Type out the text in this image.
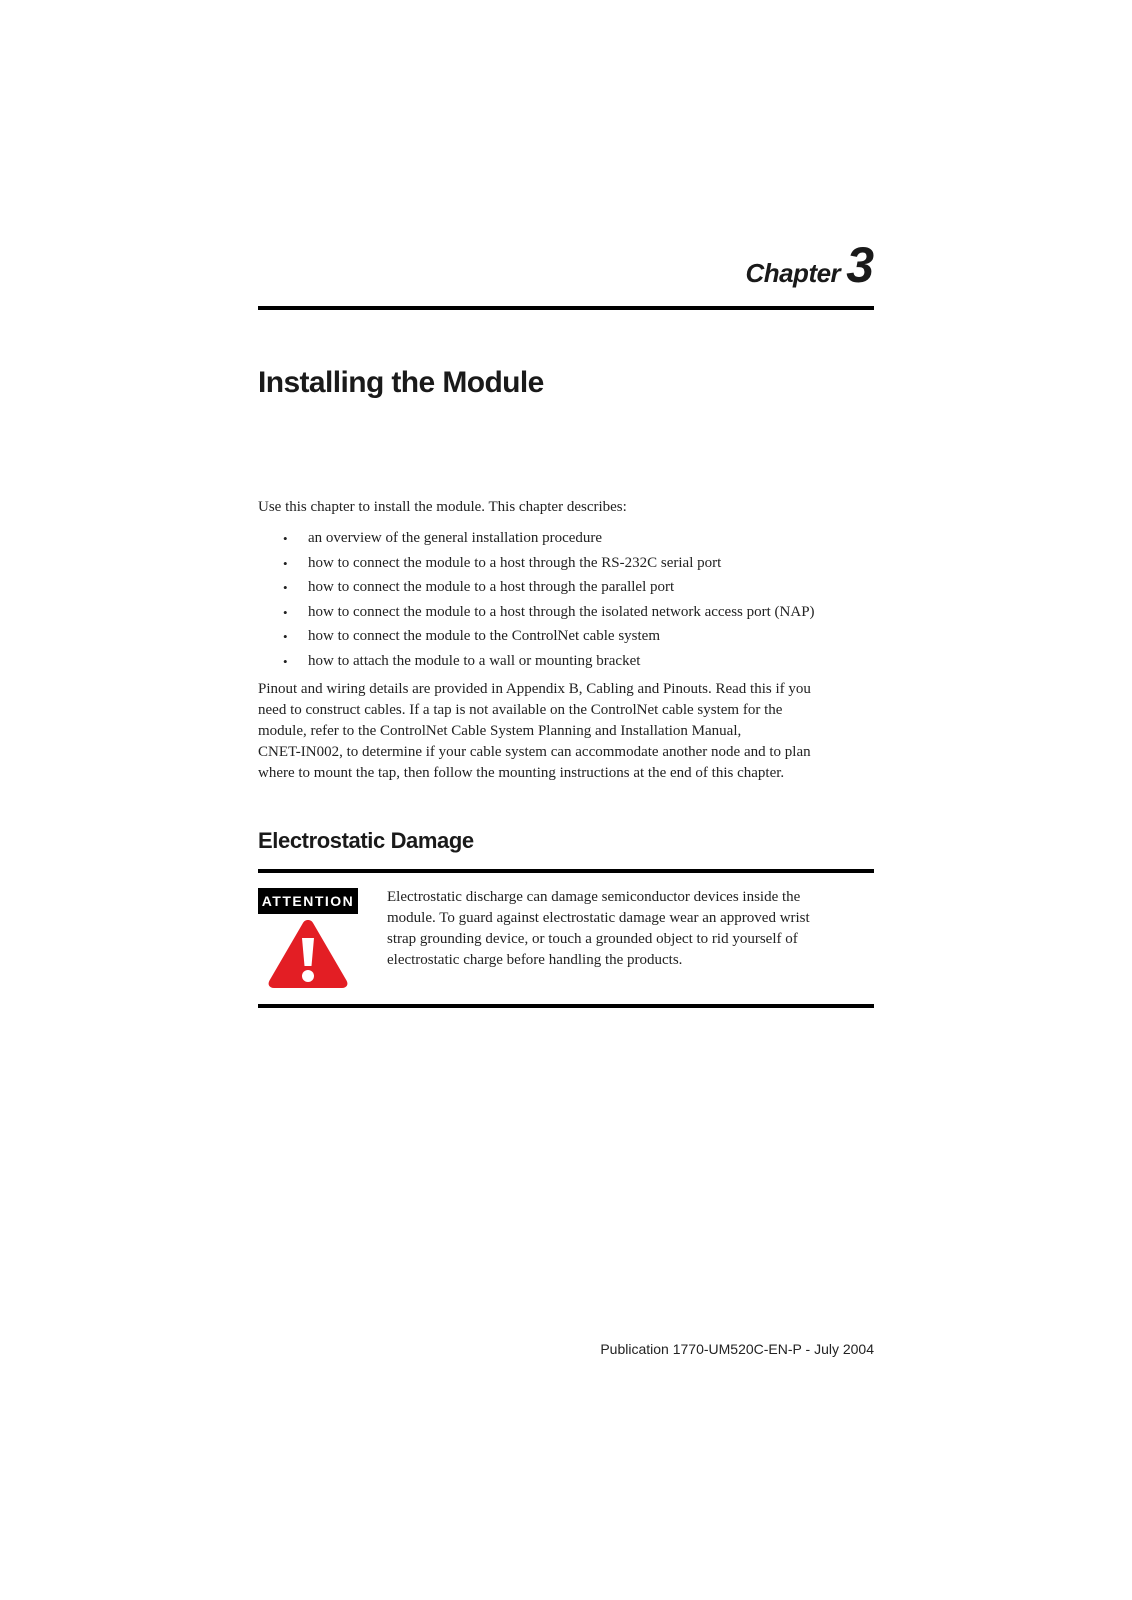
Chapter 3
Installing the Module

Use this chapter to install the module. This chapter describes:

• an overview of the general installation procedure
• how to connect the module to a host through the RS-232C serial port
• how to connect the module to a host through the parallel port
• how to connect the module to a host through the isolated network access port (NAP)
• how to connect the module to the ControlNet cable system
• how to attach the module to a wall or mounting bracket

Pinout and wiring details are provided in Appendix B, Cabling and Pinouts. Read this if you
need to construct cables. If a tap is not available on the ControlNet cable system for the
module, refer to the ControlNet Cable System Planning and Installation Manual,
CNET-IN002, to determine if your cable system can accommodate another node and to plan
where to mount the tap, then follow the mounting instructions at the end of this chapter.

Electrostatic Damage
ATTENTION Electrostatic discharge can damage semiconductor devices inside the
module. To guard against electrostatic damage wear an approved wrist
strap grounding device, or touch a grounded object to rid yourself of
electrostatic charge before handling the products.

Publication 1770-UM520C-EN-P - July 2004
